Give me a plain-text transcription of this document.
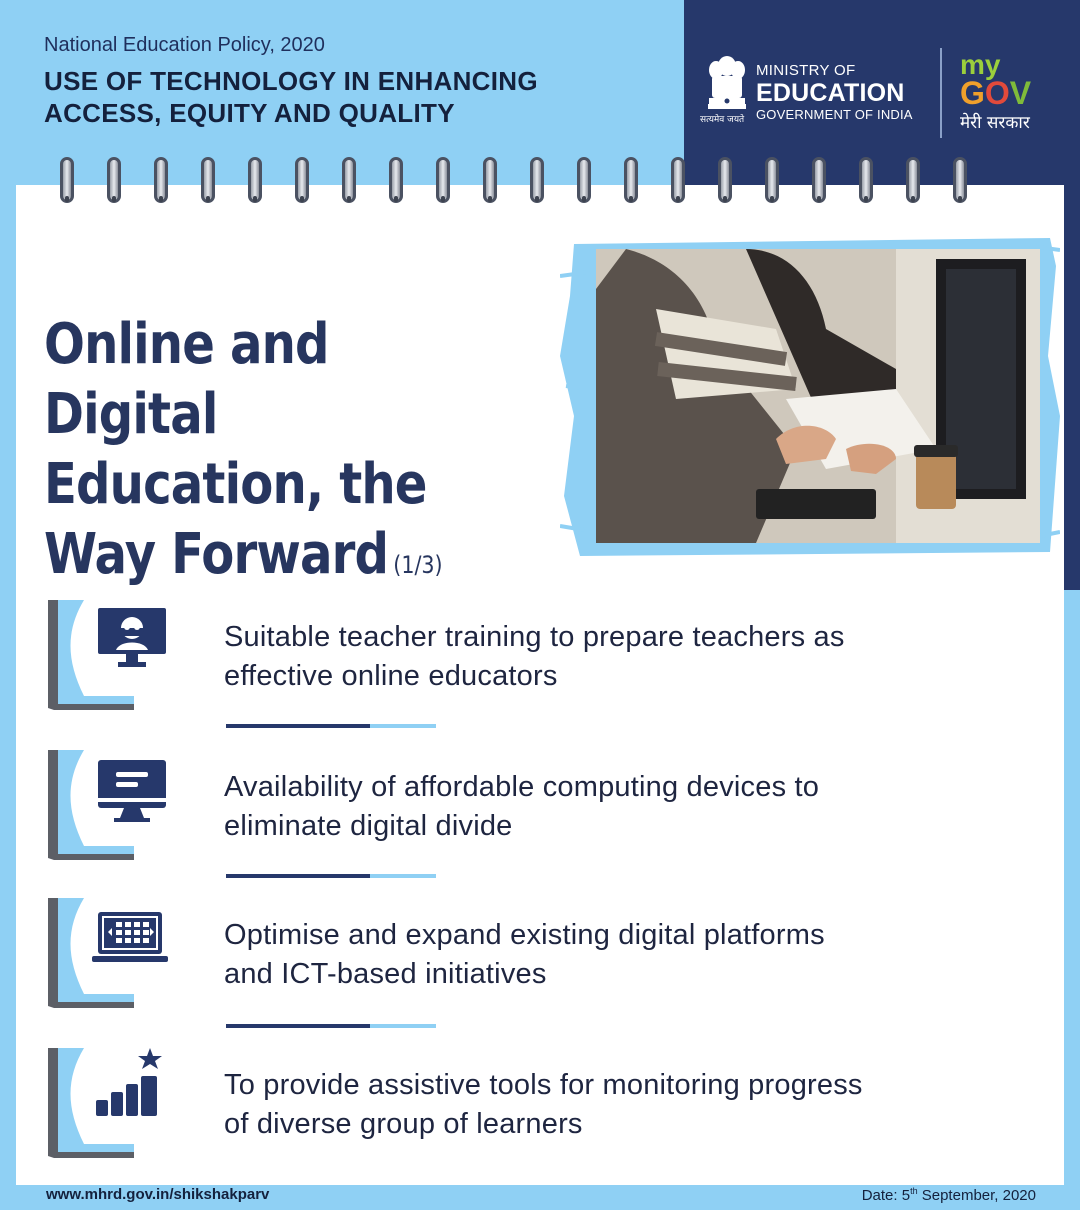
National Education Policy, 2020
USE OF TECHNOLOGY IN ENHANCING
ACCESS, EQUITY AND QUALITY	सत्यमेव जयते
MINISTRY OF
EDUCATION
GOVERNMENT OF INDIA
my
GOV
मेरी सरकार
Online and Digital
Education, the
Way Forward (1/3)
Suitable teacher training to prepare teachers as
effective online educators
Availability of affordable computing devices to
eliminate digital divide
Optimise and expand existing digital platforms
and ICT-based initiatives
To provide assistive tools for monitoring progress
of diverse group of learners
www.mhrd.gov.in/shikshakparv	Date: 5th September, 2020
